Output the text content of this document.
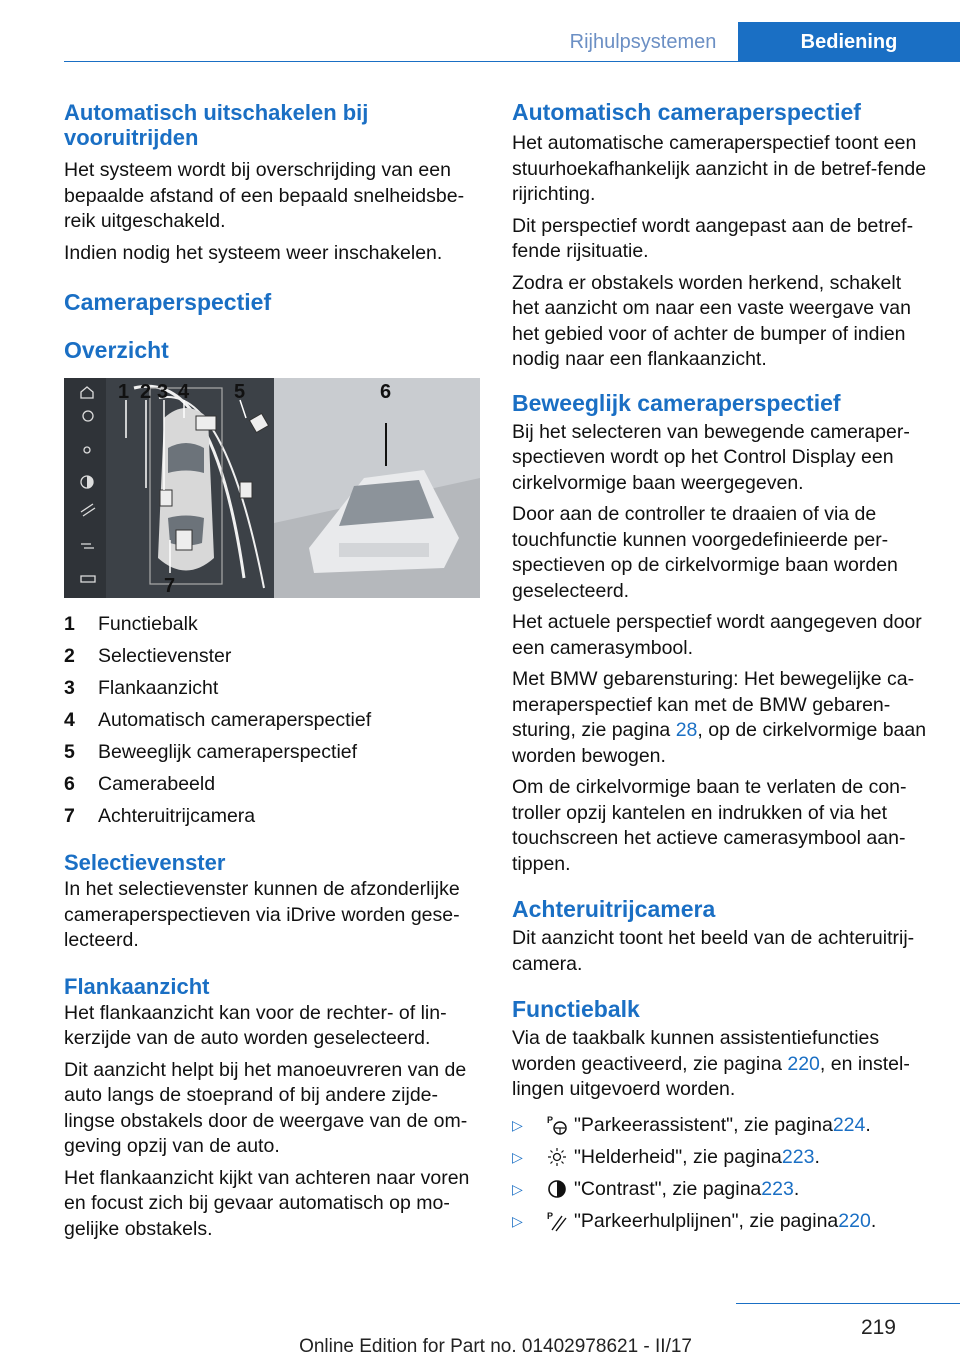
Rijhulpsystemen	Bediening
Automatisch uitschakelen bij vooruitrijden

Het systeem wordt bij overschrijding van een bepaalde afstand of een bepaald snelheidsbe-reik uitgeschakeld.

Indien nodig het systeem weer inschakelen.

Cameraperspectief
Overzicht
1 2 3 4 5	6
7
1	Functiebalk
2	Selectievenster
3	Flankaanzicht
4	Automatisch cameraperspectief
5	Beweeglijk cameraperspectief
6	Camerabeeld
7	Achteruitrijcamera
Selectievenster

In het selectievenster kunnen de afzonderlijke cameraperspectieven via iDrive worden gese-lecteerd.

Flankaanzicht

Het flankaanzicht kan voor de rechter- of lin-kerzijde van de auto worden geselecteerd.

Dit aanzicht helpt bij het manoeuvreren van de auto langs de stoeprand of bij andere zijde-lingse obstakels door de weergave van de om-geving opzij van de auto.

Het flankaanzicht kijkt van achteren naar voren en focust zich bij gevaar automatisch op mo-gelijke obstakels.

Automatisch cameraperspectief

Het automatische cameraperspectief toont een stuurhoekafhankelijk aanzicht in de betref-fende rijrichting.

Dit perspectief wordt aangepast aan de betref-fende rijsituatie.

Zodra er obstakels worden herkend, schakelt het aanzicht om naar een vaste weergave van het gebied voor of achter de bumper of indien nodig naar een flankaanzicht.

Beweeglijk cameraperspectief

Bij het selecteren van bewegende cameraper-spectieven wordt op het Control Display een cirkelvormige baan weergegeven.

Door aan de controller te draaien of via de touchfunctie kunnen voorgedefinieerde per-spectieven op de cirkelvormige baan worden geselecteerd.

Het actuele perspectief wordt aangegeven door een camerasymbool.

Met BMW gebarensturing: Het bewegelijke ca-meraperspectief kan met de BMW gebaren-sturing, zie pagina 28, op de cirkelvormige baan worden bewogen.

Om de cirkelvormige baan te verlaten de con-troller opzij kantelen en indrukken of via het touchscreen het actieve camerasymbool aan-tippen.

Achteruitrijcamera

Dit aanzicht toont het beeld van de achteruitrij-camera.

Functiebalk

Via de taakbalk kunnen assistentiefuncties worden geactiveerd, zie pagina 220, en instel-lingen uitgevoerd worden.

▷	P "Parkeerassistent", zie pagina 224 .
▷	"Helderheid", zie pagina 223 .
▷	"Contrast", zie pagina 223 .
▷	P "Parkeerhulplijnen", zie pagina 220 .
219
Online Edition for Part no. 01402978621 - II/17
